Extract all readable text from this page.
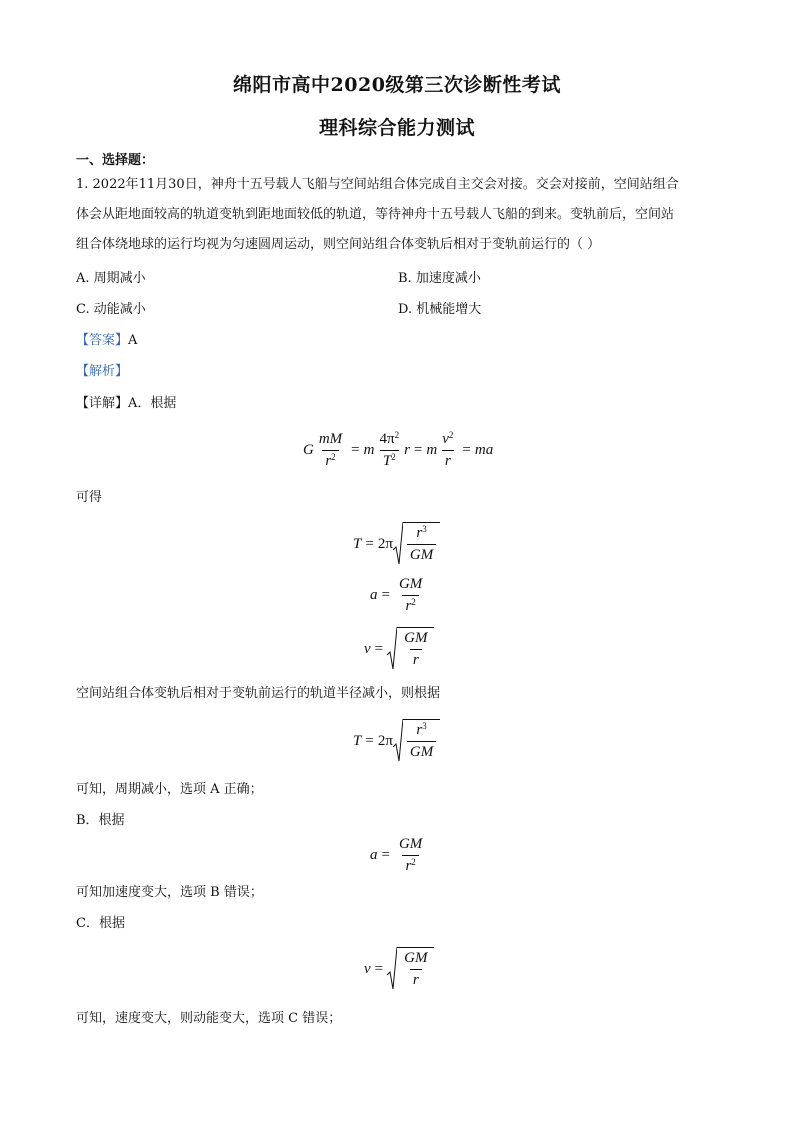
绵阳市高中2020级第三次诊断性考试
理科综合能力测试
一、选择题：
1. 2022年11月30日，神舟十五号载人飞船与空间站组合体完成自主交会对接。交会对接前，空间站组合
体会从距地面较高的轨道变轨到距地面较低的轨道，等待神舟十五号载人飞船的到来。变轨前后，空间站
组合体绕地球的运行均视为匀速圆周运动，则空间站组合体变轨后相对于变轨前运行的（ ）
A. 周期减小	B. 加速度减小
C. 动能减小	D. 机械能增大
【答案】A
【解析】
【详解】A．根据
G $\frac{mM}{r^2} = m \frac{4\pi^2}{T^2}$ r = m $\frac{v^2}{r}$ = ma
可得
$T = 2\pi \frac{r^3}{GM}$
$a = \frac{GM}{r^2}$
$v = \frac{GM}{r}$
空间站组合体变轨后相对于变轨前运行的轨道半径减小，则根据
$T = 2\pi \frac{r^3}{GM}$
可知，周期减小，选项 A 正确；
B．根据
$a = \frac{GM}{r^2}$
可知加速度变大，选项 B 错误；
C．根据
$v = \frac{GM}{r}$
可知，速度变大，则动能变大，选项 C 错误；
